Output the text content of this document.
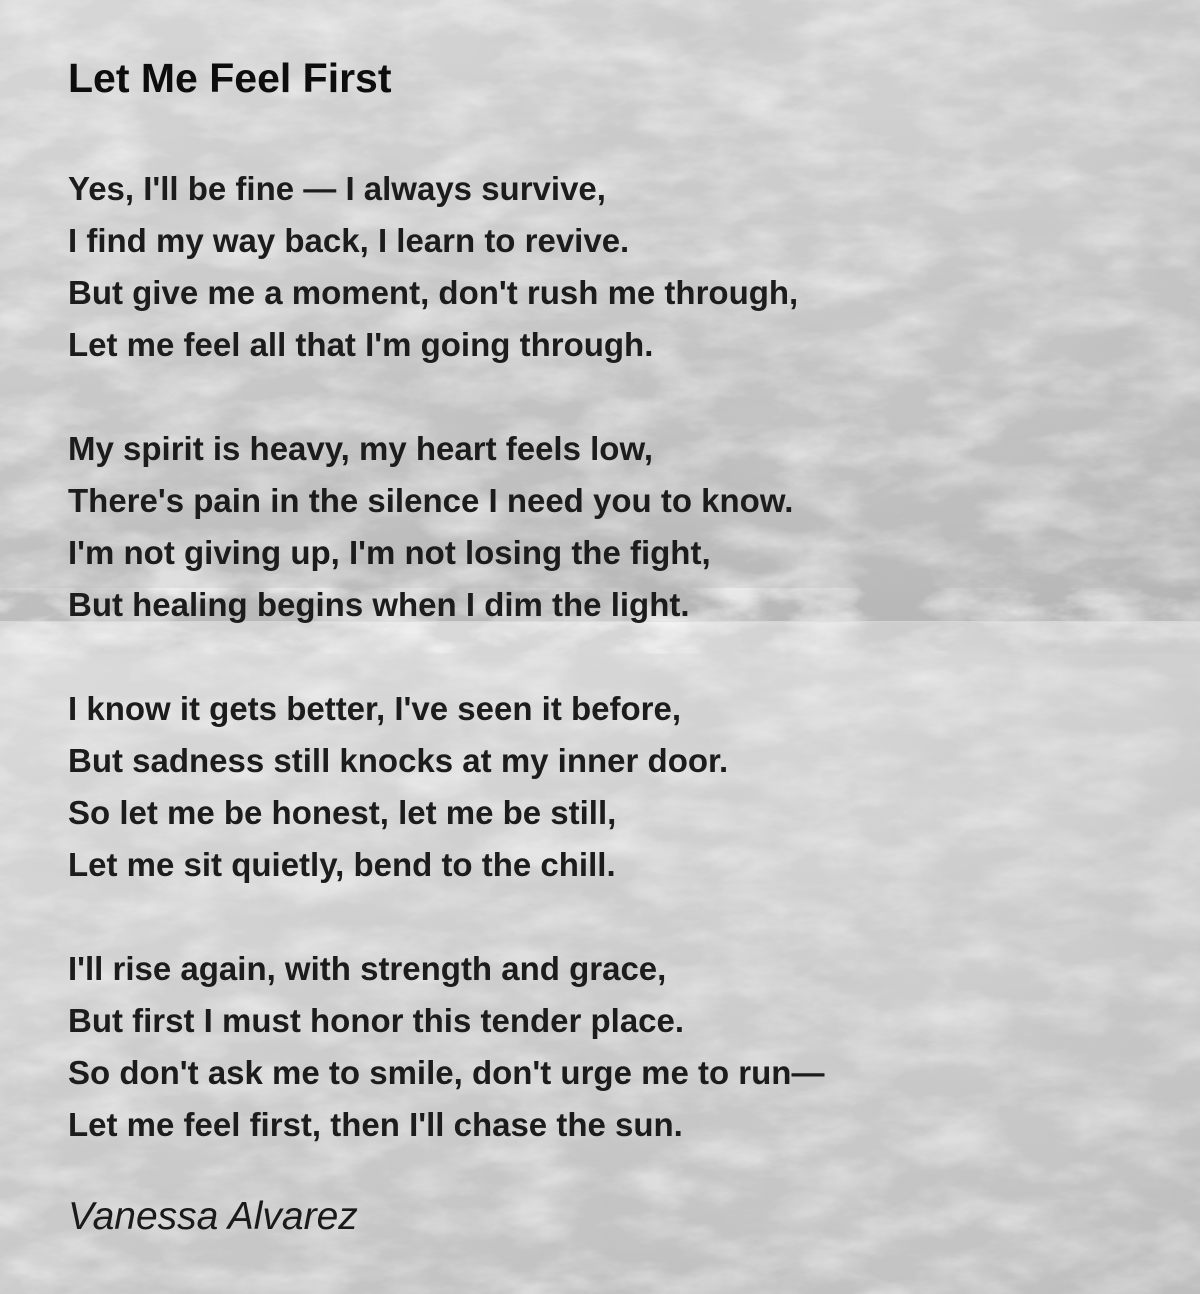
Let Me Feel First
Yes, I'll be fine — I always survive,
I find my way back, I learn to revive.
But give me a moment, don't rush me through,
Let me feel all that I'm going through.
My spirit is heavy, my heart feels low,
There's pain in the silence I need you to know.
I'm not giving up, I'm not losing the fight,
But healing begins when I dim the light.
I know it gets better, I've seen it before,
But sadness still knocks at my inner door.
So let me be honest, let me be still,
Let me sit quietly, bend to the chill.
I'll rise again, with strength and grace,
But first I must honor this tender place.
So don't ask me to smile, don't urge me to run—
Let me feel first, then I'll chase the sun.
Vanessa Alvarez
